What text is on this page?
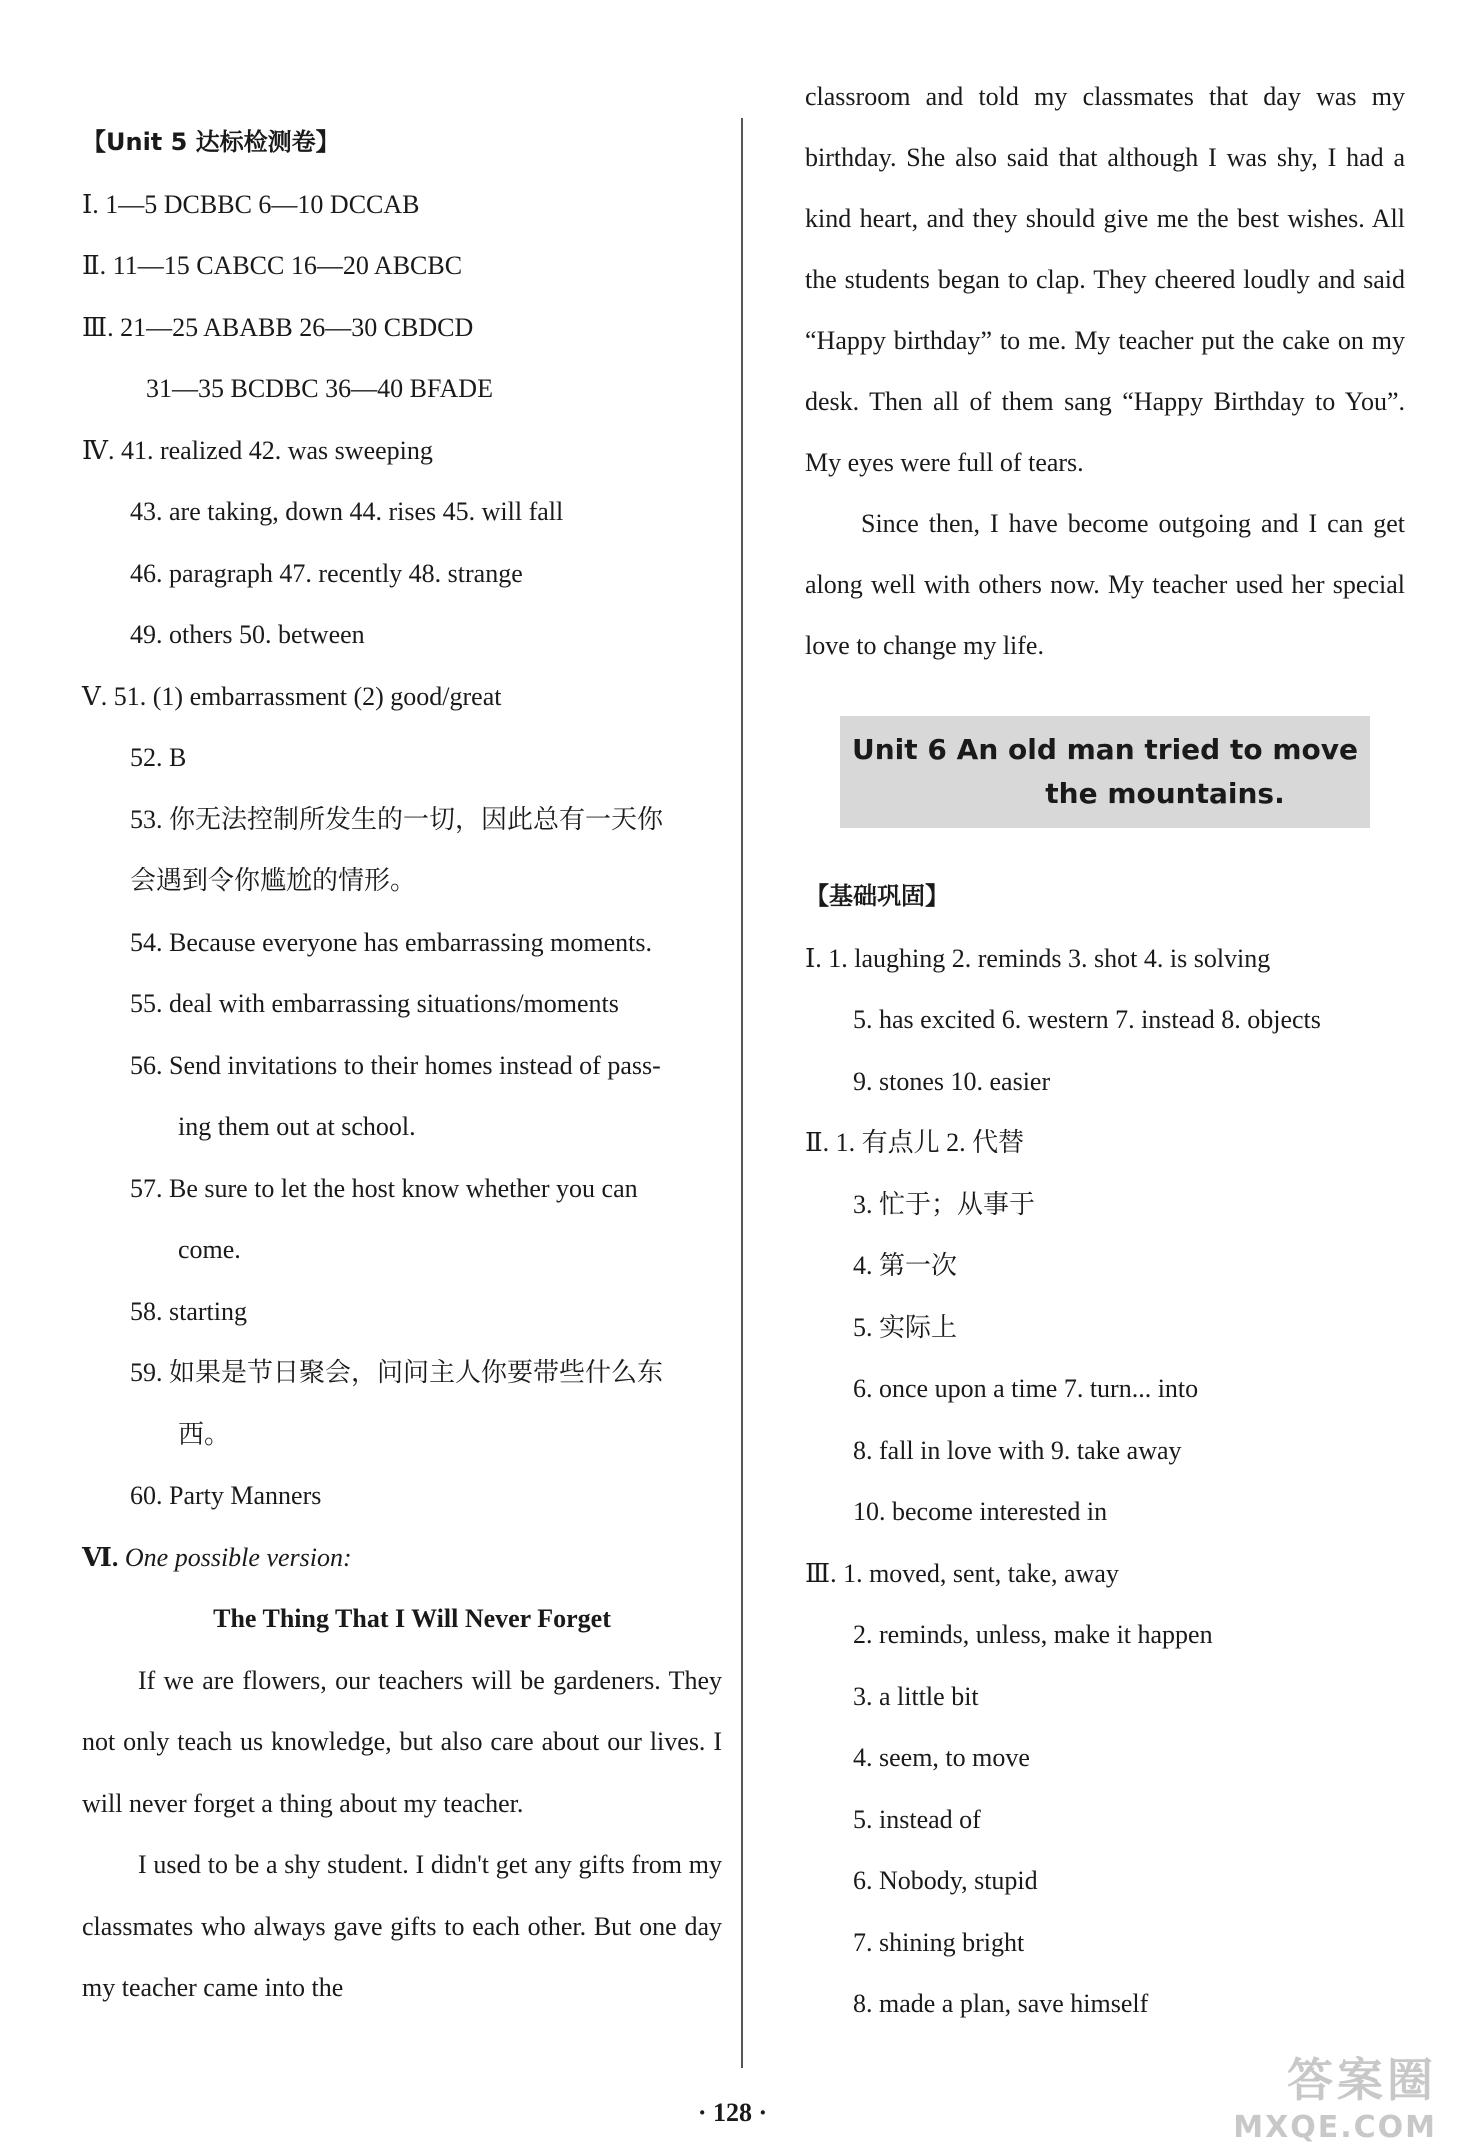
【Unit 5 达标检测卷】
Ⅰ. 1—5 DCBBC 6—10 DCCAB
Ⅱ. 11—15 CABCC 16—20 ABCBC
Ⅲ. 21—25 ABABB 26—30 CBDCD
31—35 BCDBC 36—40 BFADE
Ⅳ. 41. realized 42. was sweeping
43. are taking, down 44. rises 45. will fall
46. paragraph 47. recently 48. strange
49. others 50. between
Ⅴ. 51. (1) embarrassment (2) good/great
52. B
53. 你无法控制所发生的一切，因此总有一天你
会遇到令你尴尬的情形。
54. Because everyone has embarrassing moments.
55. deal with embarrassing situations/moments
56. Send invitations to their homes instead of pass-
ing them out at school.
57. Be sure to let the host know whether you can
come.
58. starting
59. 如果是节日聚会，问问主人你要带些什么东
西。
60. Party Manners
Ⅵ. One possible version:
The Thing That I Will Never Forget
If we are flowers, our teachers will be gardeners. They not only teach us knowledge, but also care about our lives. I will never forget a thing about my teacher.
I used to be a shy student. I didn't get any gifts from my classmates who always gave gifts to each other. But one day my teacher came into the

classroom and told my classmates that day was my birthday. She also said that although I was shy, I had a kind heart, and they should give me the best wishes. All the students began to clap. They cheered loudly and said “Happy birthday” to me. My teacher put the cake on my desk. Then all of them sang “Happy Birthday to You”. My eyes were full of tears.

Since then, I have become outgoing and I can get along well with others now. My teacher used her special love to change my life.

Unit 6 An old man tried to move
the mountains.
【基础巩固】
Ⅰ. 1. laughing 2. reminds 3. shot 4. is solving
5. has excited 6. western 7. instead 8. objects
9. stones 10. easier
Ⅱ. 1. 有点儿 2. 代替
3. 忙于；从事于
4. 第一次
5. 实际上
6. once upon a time 7. turn... into
8. fall in love with 9. take away
10. become interested in
Ⅲ. 1. moved, sent, take, away
2. reminds, unless, make it happen
3. a little bit
4. seem, to move
5. instead of
6. Nobody, stupid
7. shining bright
8. made a plan, save himself
· 128 ·
答案圈
MXQE.COM
